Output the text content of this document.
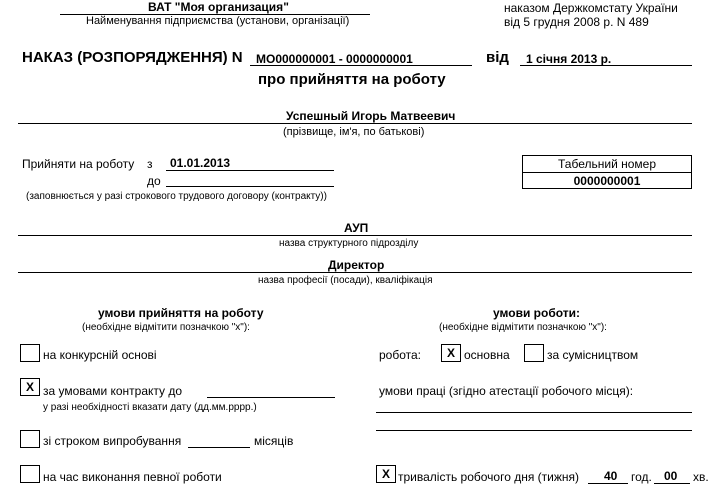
ВАТ "Моя организация"
Найменування підприємства (установи, організації)
наказом Держкомстату України
від 5 грудня 2008 р. N 489
НАКАЗ (РОЗПОРЯДЖЕННЯ) N МО000000001 - 0000000001	від 1 січня 2013 р.
про прийняття на роботу
Успешный Игорь Матвеевич
(прізвище, ім'я, по батькові)
Прийняти на роботу з 01.01.2013
до
(заповнюється у разі строкового трудового договору (контракту))
Табельний номер
0000000001
АУП
назва структурного підрозділу
Директор
назва професії (посади), кваліфікація
умови прийняття на роботу
(необхідне відмітити позначкою "х"):
на конкурсній основі
Х за умовами контракту до
у разі необхідності вказати дату (дд.мм.рррр.)
зі строком випробування	місяців
на час виконання певної роботи
умови роботи:
(необхідне відмітити позначкою "х"):
робота:	Х основна	за сумісництвом
умови праці (згідно атестації робочого місця):
Х тривалість робочого дня (тижня) 40 год. 00 хв.
